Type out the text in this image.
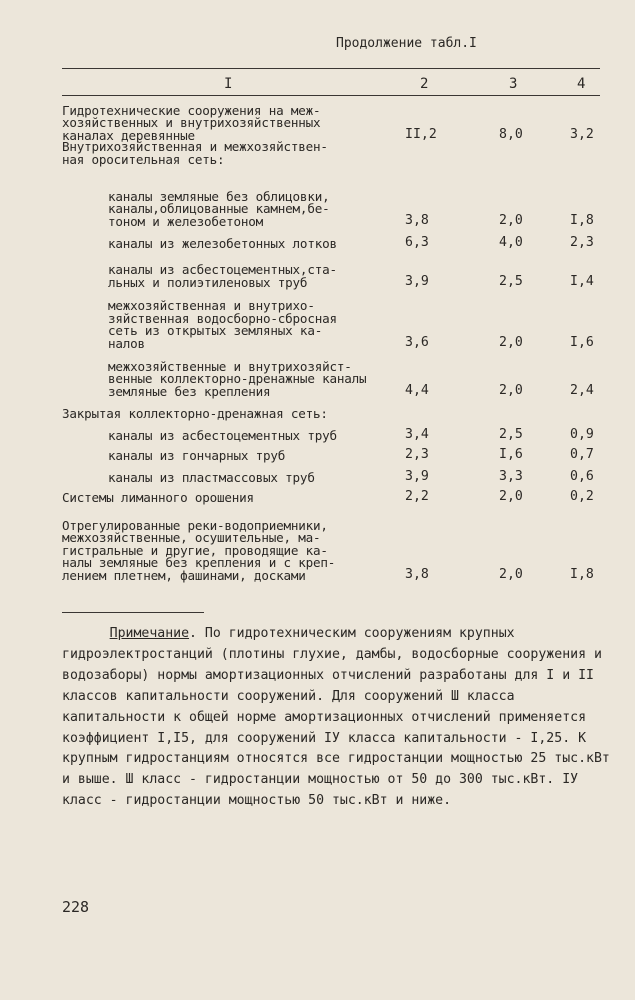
Продолжение табл.I
I	2	3	4
Гидротехнические сооружения на меж-
хозяйственных и внутрихозяйственных
каналах деревянные	II,2	8,0	3,2
Внутрихозяйственная и межхозяйствен-
ная оросительная сеть:
каналы земляные без облицовки,
каналы,облицованные камнем,бе-
тоном и железобетоном	3,8	2,0	I,8
каналы из железобетонных лотков	6,3	4,0	2,3
каналы из асбестоцементных,ста-
льных и полиэтиленовых труб	3,9	2,5	I,4
межхозяйственная и внутрихо-
зяйственная водосборно-сбросная
сеть из открытых земляных ка-
налов	3,6	2,0	I,6
межхозяйственные и внутрихозяйст-
венные коллекторно-дренажные каналы
земляные без крепления	4,4	2,0	2,4
Закрытая коллекторно-дренажная сеть:
каналы из асбестоцементных труб	3,4	2,5	0,9
каналы из гончарных труб	2,3	I,6	0,7
каналы из пластмассовых труб	3,9	3,3	0,6
Системы лиманного орошения	2,2	2,0	0,2
Отрегулированные реки-водоприемники,
межхозяйственные, осушительные, ма-
гистральные и другие, проводящие ка-
налы земляные без крепления и с креп-
лением плетнем, фашинами, досками	3,8	2,0	I,8
Примечание. По гидротехническим сооружениям крупных гидроэлектростанций (плотины глухие, дамбы, водосборные сооружения и водозаборы) нормы амортизационных отчислений разработаны для I и II классов капитальности сооружений. Для сооружений Ш класса капитальности к общей норме амортизационных отчислений применяется коэффициент I,I5, для сооружений IУ класса капитальности - I,25. К крупным гидростанциям относятся все гидростанции мощностью 25 тыс.кВт и выше. Ш класс - гидростанции мощностью от 50 до 300 тыс.кВт. IУ класс - гидростанции мощностью 50 тыс.кВт и ниже.
228
